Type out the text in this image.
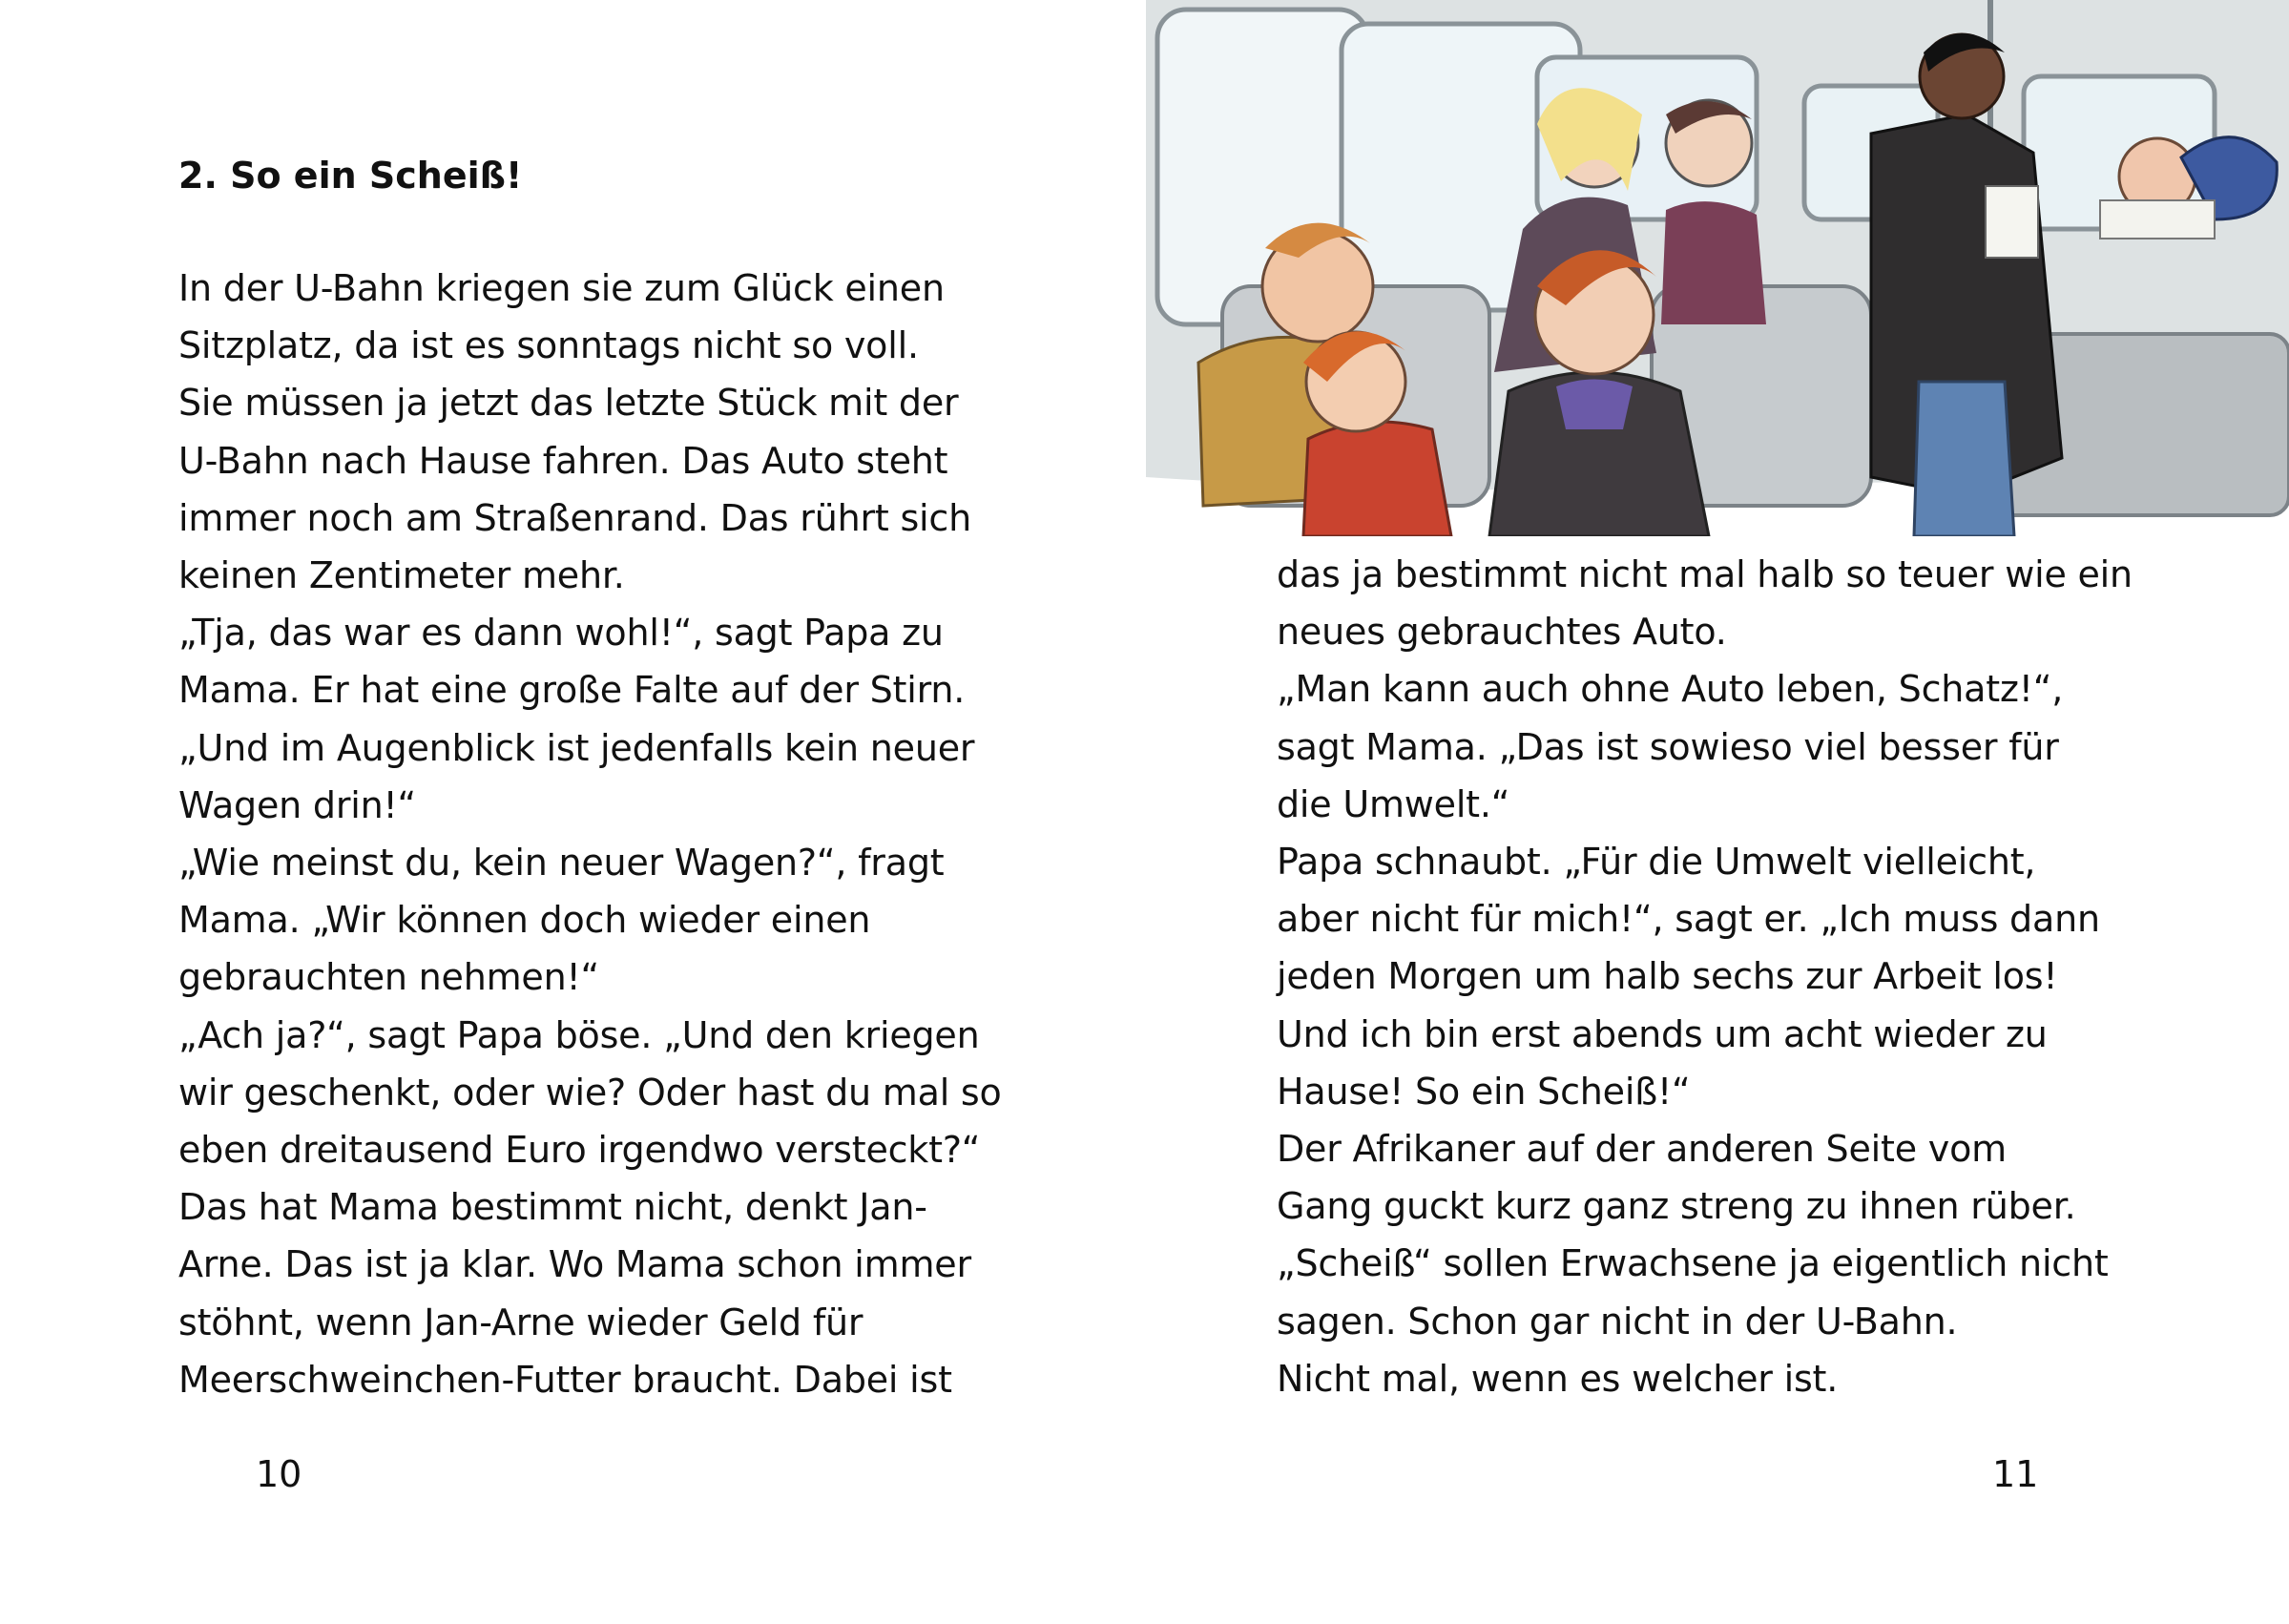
2. So ein Scheiß!
In der U-Bahn kriegen sie zum Glück einen
Sitzplatz, da ist es sonntags nicht so voll.
Sie müssen ja jetzt das letzte Stück mit der
U-Bahn nach Hause fahren. Das Auto steht
immer noch am Straßenrand. Das rührt sich
keinen Zentimeter mehr.
„Tja, das war es dann wohl!“, sagt Papa zu
Mama. Er hat eine große Falte auf der Stirn.
„Und im Augenblick ist jedenfalls kein neuer
Wagen drin!“
„Wie meinst du, kein neuer Wagen?“, fragt
Mama. „Wir können doch wieder einen
gebrauchten nehmen!“
„Ach ja?“, sagt Papa böse. „Und den kriegen
wir geschenkt, oder wie? Oder hast du mal so
eben dreitausend Euro irgendwo versteckt?“
Das hat Mama bestimmt nicht, denkt Jan-
Arne. Das ist ja klar. Wo Mama schon immer
stöhnt, wenn Jan-Arne wieder Geld für
Meerschweinchen-Futter braucht. Dabei ist
10
das ja bestimmt nicht mal halb so teuer wie ein
neues gebrauchtes Auto.
„Man kann auch ohne Auto leben, Schatz!“,
sagt Mama. „Das ist sowieso viel besser für
die Umwelt.“
Papa schnaubt. „Für die Umwelt vielleicht,
aber nicht für mich!“, sagt er. „Ich muss dann
jeden Morgen um halb sechs zur Arbeit los!
Und ich bin erst abends um acht wieder zu
Hause! So ein Scheiß!“
Der Afrikaner auf der anderen Seite vom
Gang guckt kurz ganz streng zu ihnen rüber.
„Scheiß“ sollen Erwachsene ja eigentlich nicht
sagen. Schon gar nicht in der U-Bahn.
Nicht mal, wenn es welcher ist.
11
